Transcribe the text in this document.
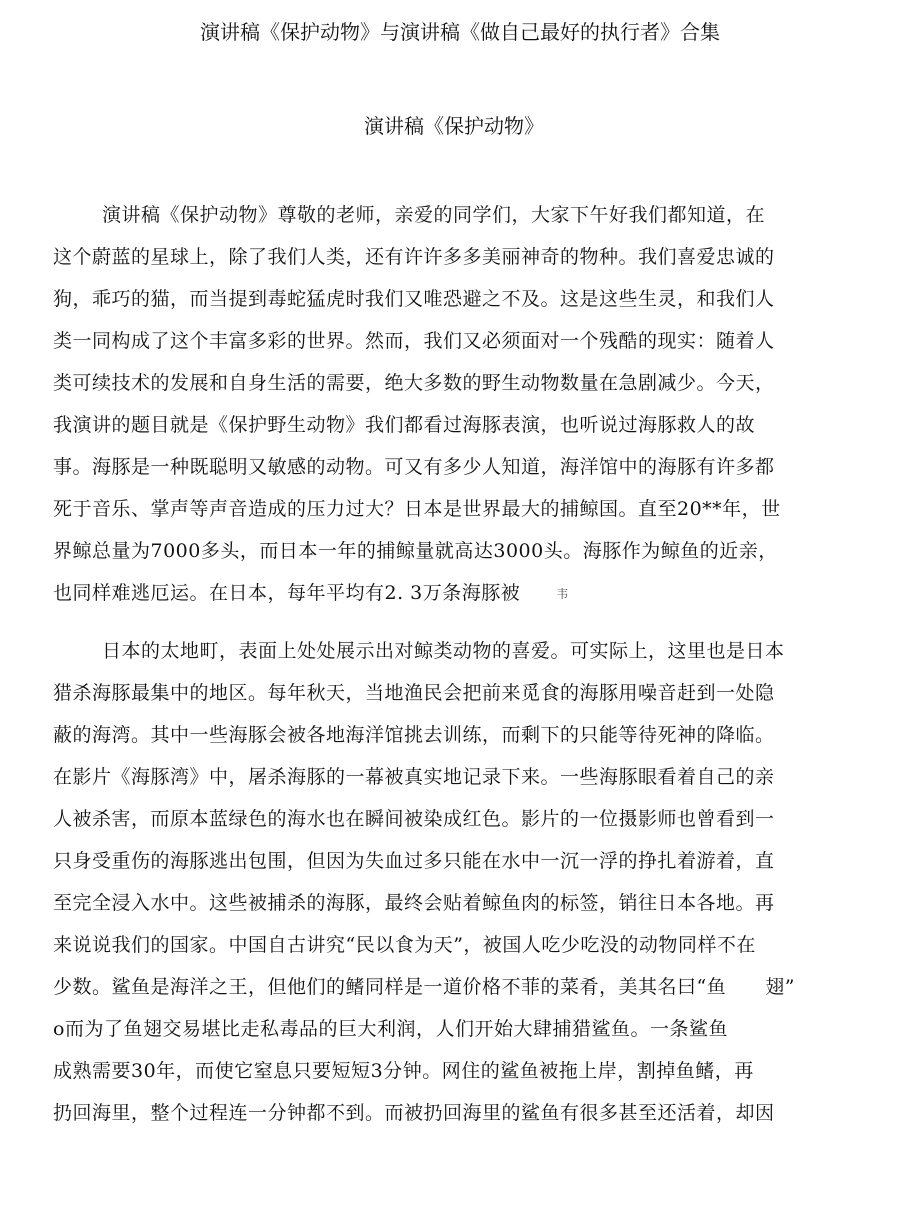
演讲稿《保护动物》与演讲稿《做自己最好的执行者》合集
演讲稿《保护动物》
演讲稿《保护动物》尊敬的老师，亲爱的同学们，大家下午好我们都知道，在
这个蔚蓝的星球上，除了我们人类，还有许许多多美丽神奇的物种。我们喜爱忠诚的
狗，乖巧的猫，而当提到毒蛇猛虎时我们又唯恐避之不及。这是这些生灵，和我们人
类一同构成了这个丰富多彩的世界。然而，我们又必须面对一个残酷的现实：随着人
类可续技术的发展和自身生活的需要，绝大多数的野生动物数量在急剧减少。今天，
我演讲的题目就是《保护野生动物》我们都看过海豚表演，也听说过海豚救人的故
事。海豚是一种既聪明又敏感的动物。可又有多少人知道，海洋馆中的海豚有许多都
死于音乐、掌声等声音造成的压力过大？日本是世界最大的捕鲸国。直至20**年，世
界鲸总量为7000多头，而日本一年的捕鲸量就高达3000头。海豚作为鲸鱼的近亲，
也同样难逃厄运。在日本，每年平均有2. 3万条海豚被	韦
日本的太地町，表面上处处展示出对鲸类动物的喜爱。可实际上，这里也是日本
猎杀海豚最集中的地区。每年秋天，当地渔民会把前来觅食的海豚用噪音赶到一处隐
蔽的海湾。其中一些海豚会被各地海洋馆挑去训练，而剩下的只能等待死神的降临。
在影片《海豚湾》中，屠杀海豚的一幕被真实地记录下来。一些海豚眼看着自己的亲
人被杀害，而原本蓝绿色的海水也在瞬间被染成红色。影片的一位摄影师也曾看到一
只身受重伤的海豚逃出包围，但因为失血过多只能在水中一沉一浮的挣扎着游着，直
至完全浸入水中。这些被捕杀的海豚，最终会贴着鲸鱼肉的标签，销往日本各地。再
来说说我们的国家。中国自古讲究“民以食为天”，被国人吃少吃没的动物同样不在
少数。鲨鱼是海洋之王，但他们的鳍同样是一道价格不菲的菜肴，美其名曰“鱼　　翅”
o而为了鱼翅交易堪比走私毒品的巨大利润，人们开始大肆捕猎鲨鱼。一条鲨鱼
成熟需要30年，而使它窒息只要短短3分钟。网住的鲨鱼被拖上岸，割掉鱼鳍，再
扔回海里，整个过程连一分钟都不到。而被扔回海里的鲨鱼有很多甚至还活着，却因
